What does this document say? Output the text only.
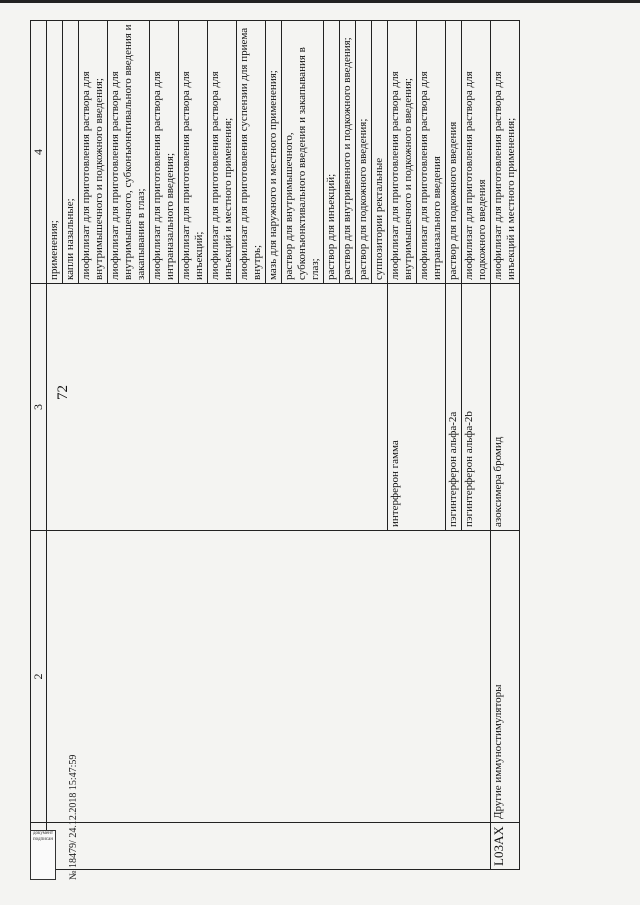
72
	2	3	4
			применения;
			капли назальные;
			лиофилизат для приготовления раствора для внутримышечного и подкожного введения;
			лиофилизат для приготовления раствора для внутримышечного, субконъюнктивального введения и закапывания в глаз;
			лиофилизат для приготовления раствора для интраназального введения;
			лиофилизат для приготовления раствора для инъекций;
			лиофилизат для приготовления раствора для инъекций и местного применения;
			лиофилизат для приготовления суспензии для приема внутрь;
			мазь для наружного и местного применения;
			раствор для внутримышечного, субконъюнктивального введения и закапывания в глаз;
			раствор для инъекций;
			раствор для внутривенного и подкожного введения;
			раствор для подкожного введения;
			суппозитории ректальные
		интерферон гамма	лиофилизат для приготовления раствора для внутримышечного и подкожного введения;
			лиофилизат для приготовления раствора для интраназального введения
		пэгинтерферон альфа-2a	раствор для подкожного введения
		пэгинтерферон альфа-2b	лиофилизат для приготовления раствора для подкожного введения
L03AX	Другие иммуностимуляторы	азоксимера бромид	лиофилизат для приготовления раствора для инъекций и местного применения;
документ подписан № 18479/ 24.12.2018 15:47:59
